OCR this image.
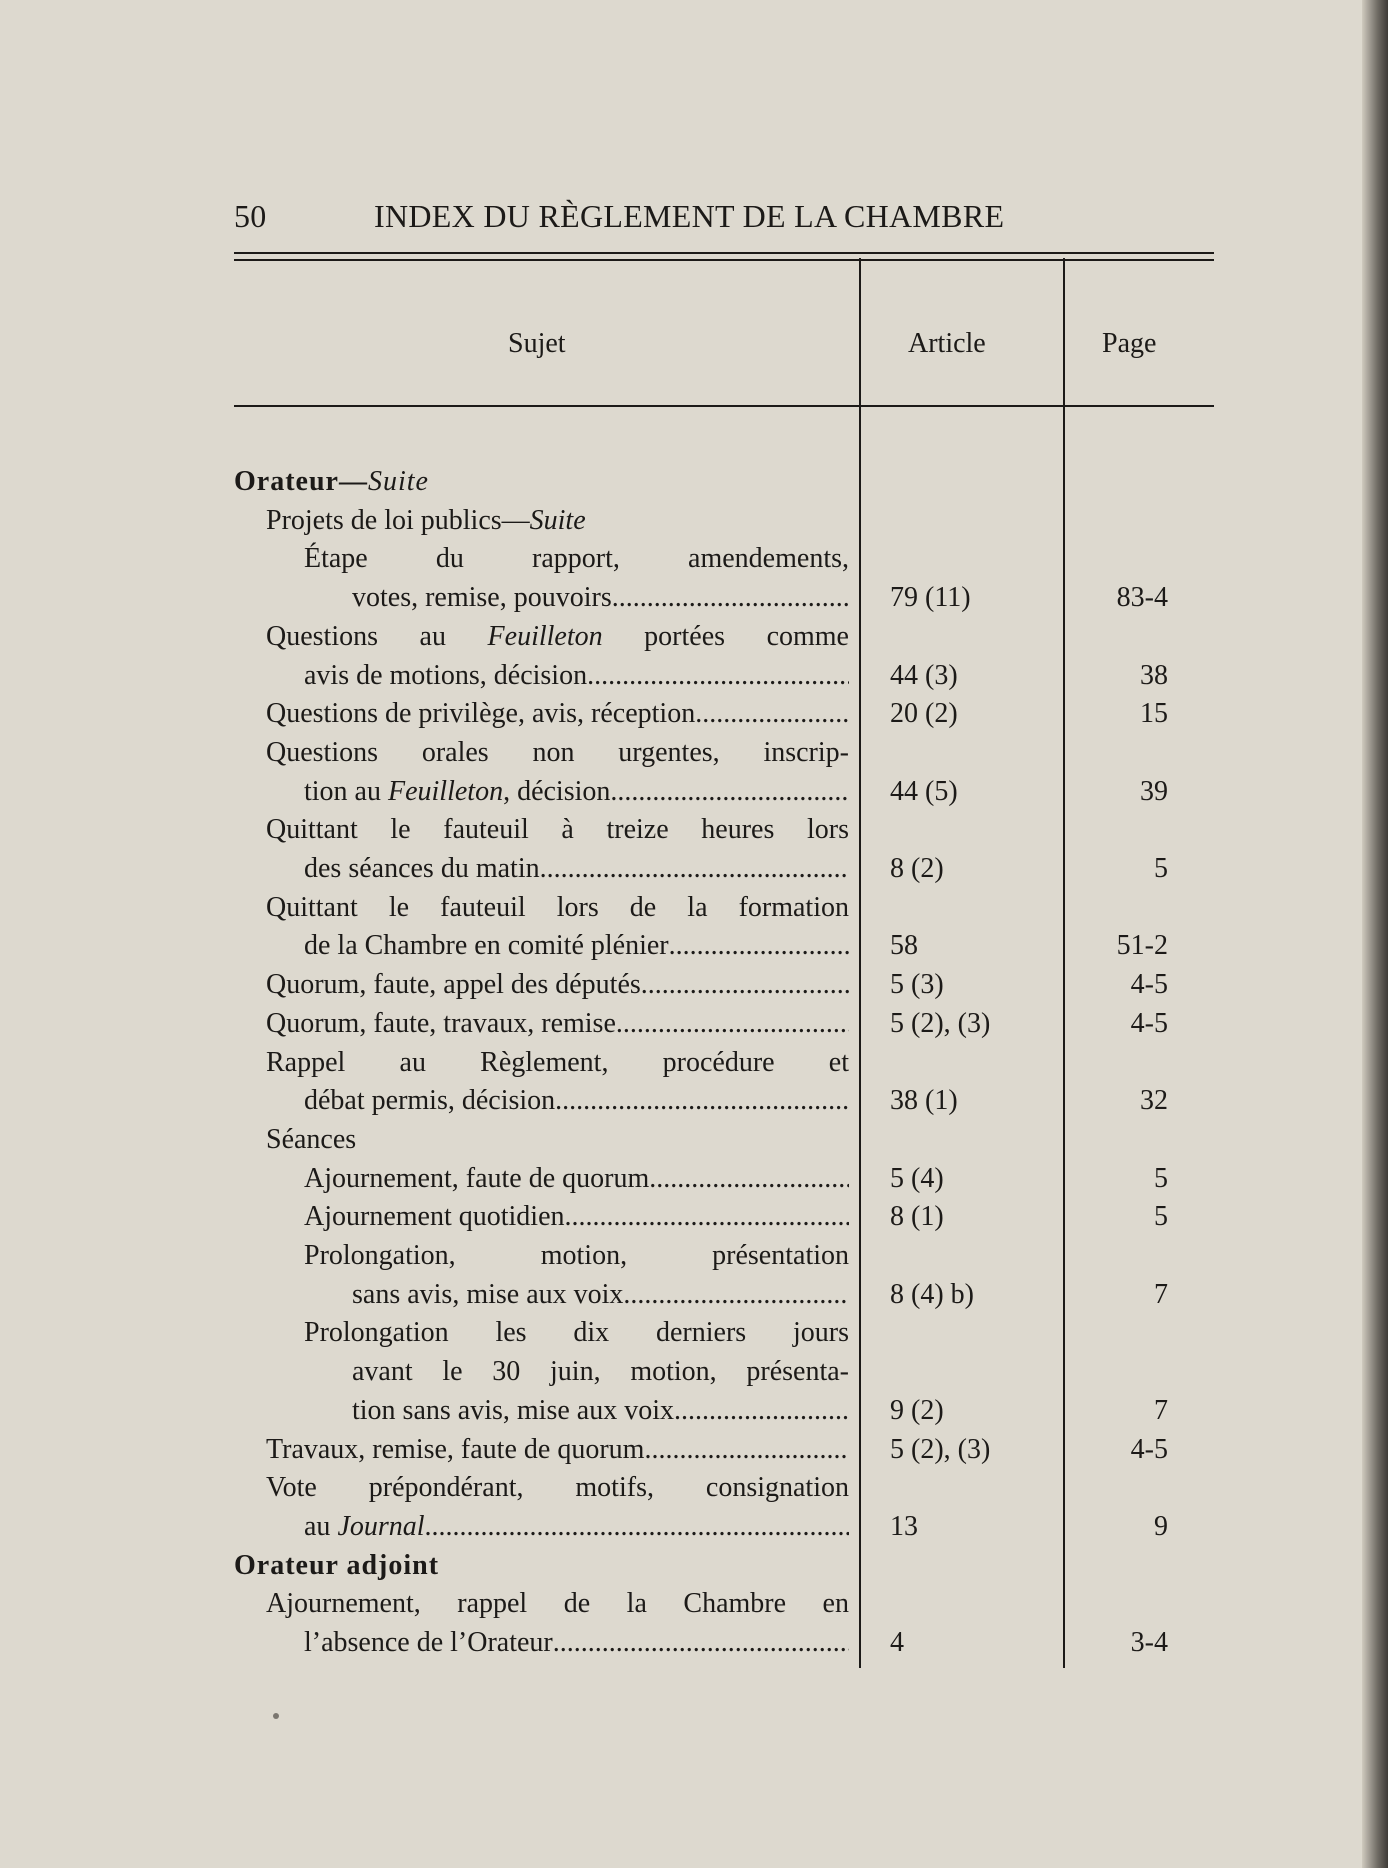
50	INDEX DU RÈGLEMENT DE LA CHAMBRE
Sujet	Article	Page
Orateur— Suite
Projets de loi publics— Suite
Étape du rapport, amendements,
votes, remise, pouvoirs .....	79 (11)	83-4
Questions au Feuilleton portées comme
avis de motions, décision .....	44 (3)	38
Questions de privilège, avis, réception .....	20 (2)	15
Questions orales non urgentes, inscrip-
tion au Feuilleton, décision .....	44 (5)	39
Quittant le fauteuil à treize heures lors
des séances du matin .....	8 (2)	5
Quittant le fauteuil lors de la formation
de la Chambre en comité plénier .....	58	51-2
Quorum, faute, appel des députés .....	5 (3)	4-5
Quorum, faute, travaux, remise .....	5 (2), (3)	4-5
Rappel au Règlement, procédure et
débat permis, décision .....	38 (1)	32
Séances
Ajournement, faute de quorum .....	5 (4)	5
Ajournement quotidien .....	8 (1)	5
Prolongation, motion, présentation
sans avis, mise aux voix .....	8 (4) b)	7
Prolongation les dix derniers jours
avant le 30 juin, motion, présenta-
tion sans avis, mise aux voix .....	9 (2)	7
Travaux, remise, faute de quorum .....	5 (2), (3)	4-5
Vote prépondérant, motifs, consignation
au Journal .....	13	9
Orateur adjoint
Ajournement, rappel de la Chambre en
l’absence de l’Orateur .....	4	3-4
